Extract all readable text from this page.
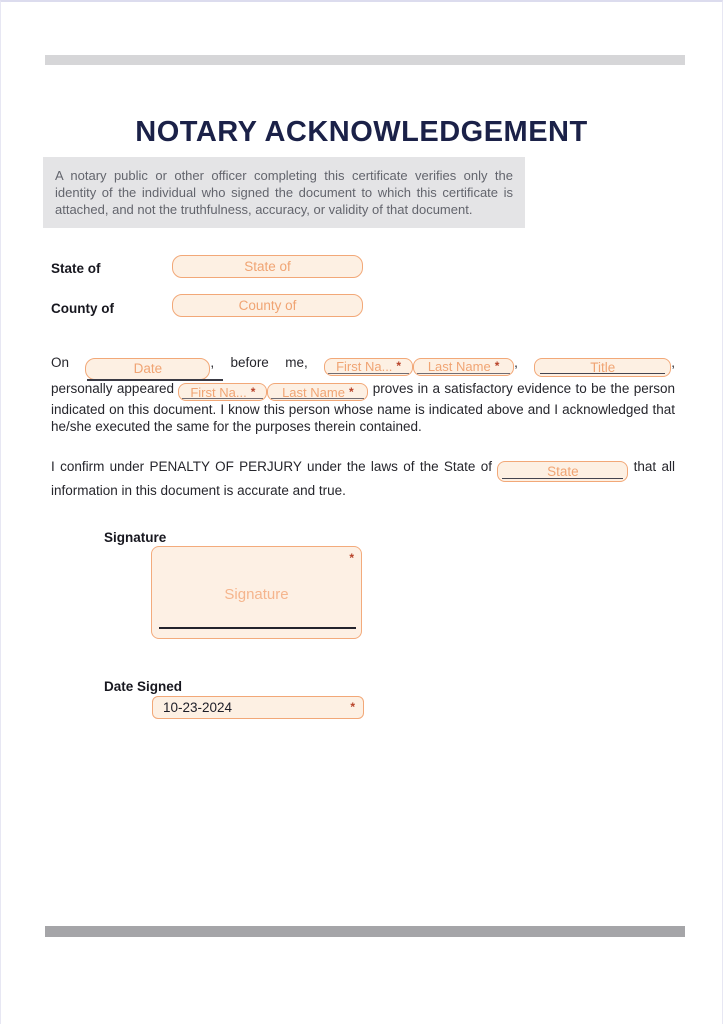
NOTARY ACKNOWLEDGEMENT
A notary public or other officer completing this certificate verifies only the identity of the individual who signed the document to which this certificate is attached, and not the truthfulness, accuracy, or validity of that document.
State of	State of
County of	County of
On	Date	, before me, First Na... * Last Name * ,	Title	, personally appeared First Na... * Last Name * proves in a satisfactory evidence to be the person indicated on this document. I know this person whose name is indicated above and I acknowledged that he/she executed the same for the purposes therein contained.
I confirm under PENALTY OF PERJURY under the laws of the State of	State	that all information in this document is accurate and true.
Signature
*
Signature
Date Signed
10-23-2024	*
